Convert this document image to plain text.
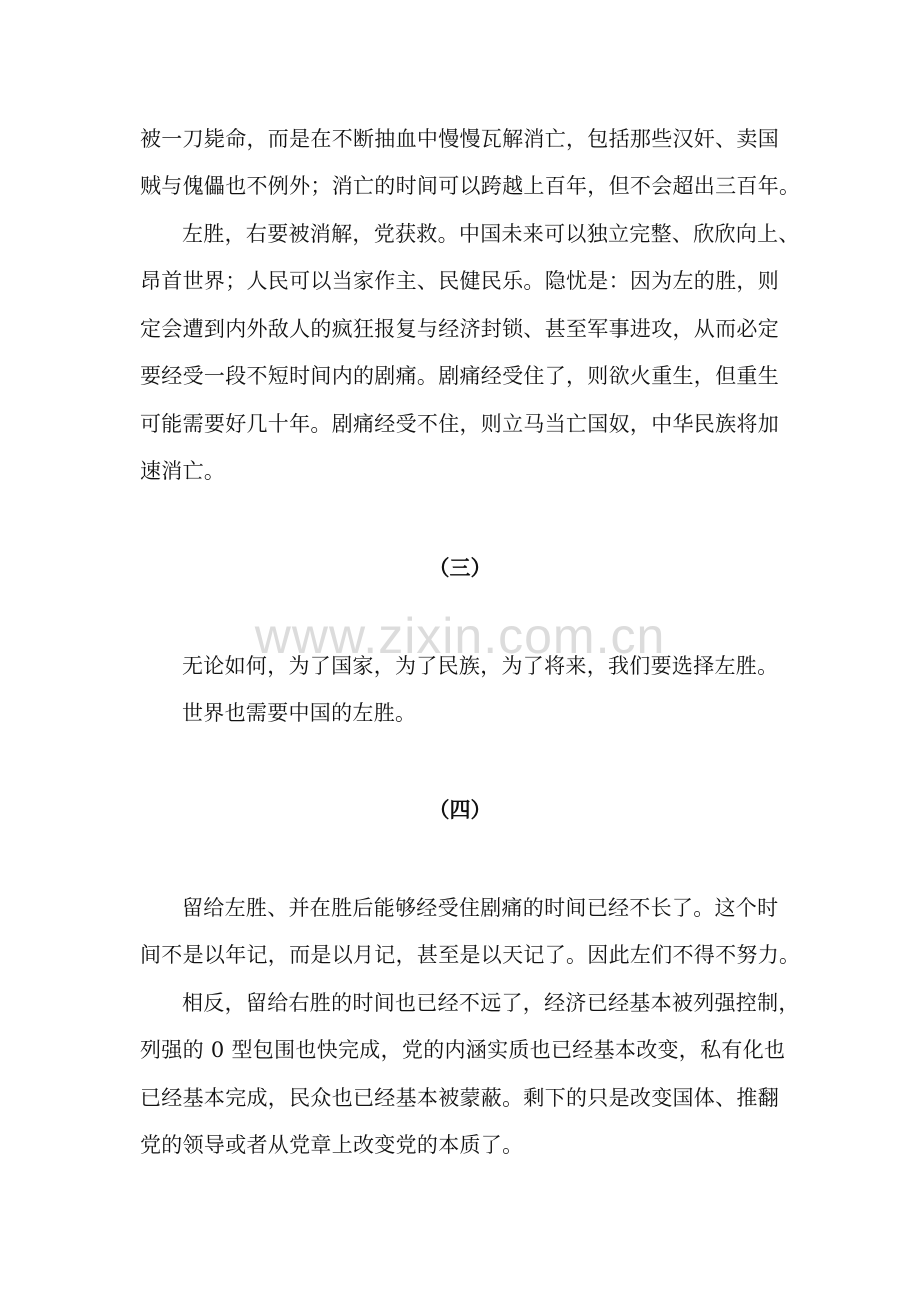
www.zixin.com.cn
被一刀毙命，而是在不断抽血中慢慢瓦解消亡，包括那些汉奸、卖国
贼与傀儡也不例外；消亡的时间可以跨越上百年，但不会超出三百年。
左胜，右要被消解，党获救。中国未来可以独立完整、欣欣向上、
昂首世界；人民可以当家作主、民健民乐。隐忧是：因为左的胜，则
定会遭到内外敌人的疯狂报复与经济封锁、甚至军事进攻，从而必定
要经受一段不短时间内的剧痛。剧痛经受住了，则欲火重生，但重生
可能需要好几十年。剧痛经受不住，则立马当亡国奴，中华民族将加
速消亡。
（三）
无论如何，为了国家，为了民族，为了将来，我们要选择左胜。
世界也需要中国的左胜。
（四）
留给左胜、并在胜后能够经受住剧痛的时间已经不长了。这个时
间不是以年记，而是以月记，甚至是以天记了。因此左们不得不努力。
相反，留给右胜的时间也已经不远了，经济已经基本被列强控制，
列强的 0 型包围也快完成，党的内涵实质也已经基本改变，私有化也
已经基本完成，民众也已经基本被蒙蔽。剩下的只是改变国体、推翻
党的领导或者从党章上改变党的本质了。
